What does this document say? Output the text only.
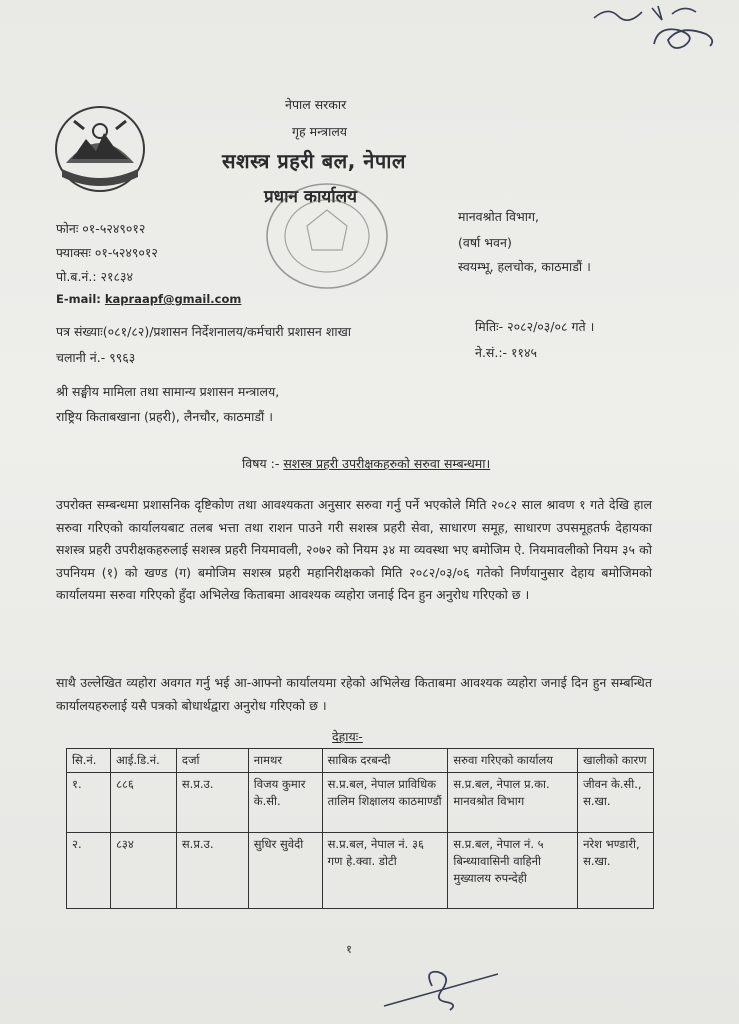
नेपाल सरकार
गृह मन्त्रालय
सशस्त्र प्रहरी बल, नेपाल
प्रधान कार्यालय
फोनः ०१-५२४९०१२
फ्याक्सः ०१-५२४९०१२
पो.ब.नं.: २१८३४
E-mail: kapraapf@gmail.com
मानवश्रोत विभाग,
(वर्षा भवन)
स्वयम्भू, हलचोक, काठमाडौं ।
पत्र संख्याः(०८१/८२)/प्रशासन निर्देशनालय/कर्मचारी प्रशासन शाखा	मितिः- २०८२/०३/०८ गते ।
चलानी नं.- ९९६३	ने.सं.:- ११४५
श्री सङ्घीय मामिला तथा सामान्य प्रशासन मन्त्रालय,
राष्ट्रिय किताबखाना (प्रहरी), लैनचौर, काठमाडौं ।
विषय :- सशस्त्र प्रहरी उपरीक्षकहरुको सरुवा सम्बन्धमा।
उपरोक्त सम्बन्धमा प्रशासनिक दृष्टिकोण तथा आवश्यकता अनुसार सरुवा गर्नु पर्ने भएकोले मिति २०८२ साल श्रावण १ गते देखि हाल सरुवा गरिएको कार्यालयबाट तलब भत्ता तथा राशन पाउने गरी सशस्त्र प्रहरी सेवा, साधारण समूह, साधारण उपसमूहतर्फ देहायका सशस्त्र प्रहरी उपरीक्षकहरुलाई सशस्त्र प्रहरी नियमावली, २०७२ को नियम ३४ मा व्यवस्था भए बमोजिम ऐ. नियमावलीको नियम ३५ को उपनियम (१) को खण्ड (ग) बमोजिम सशस्त्र प्रहरी महानिरीक्षकको मिति २०८२/०३/०६ गतेको निर्णयानुसार देहाय बमोजिमको कार्यालयमा सरुवा गरिएको हुँदा अभिलेख किताबमा आवश्यक व्यहोरा जनाई दिन हुन अनुरोध गरिएको छ ।
साथै उल्लेखित व्यहोरा अवगत गर्नु भई आ-आफ्नो कार्यालयमा रहेको अभिलेख किताबमा आवश्यक व्यहोरा जनाई दिन हुन सम्बन्धित कार्यालयहरुलाई यसै पत्रको बोधार्थद्वारा अनुरोध गरिएको छ ।
देहायः-
सि.नं.	आई.डि.नं.	दर्जा	नामथर	साबिक दरबन्दी	सरुवा गरिएको कार्यालय	खालीको कारण
१.	८८६	स.प्र.उ.	विजय कुमार के.सी.	स.प्र.बल, नेपाल प्राविधिक तालिम शिक्षालय काठमाण्डौं	स.प्र.बल, नेपाल प्र.का. मानवश्रोत विभाग	जीवन के.सी., स.खा.
२.	८३४	स.प्र.उ.	सुधिर सुवेदी	स.प्र.बल, नेपाल नं. ३६ गण हे.क्वा. डोटी	स.प्र.बल, नेपाल नं. ५ बिन्ध्यावासिनी वाहिनी मुख्यालय रुपन्देही	नरेश भण्डारी, स.खा.
१
